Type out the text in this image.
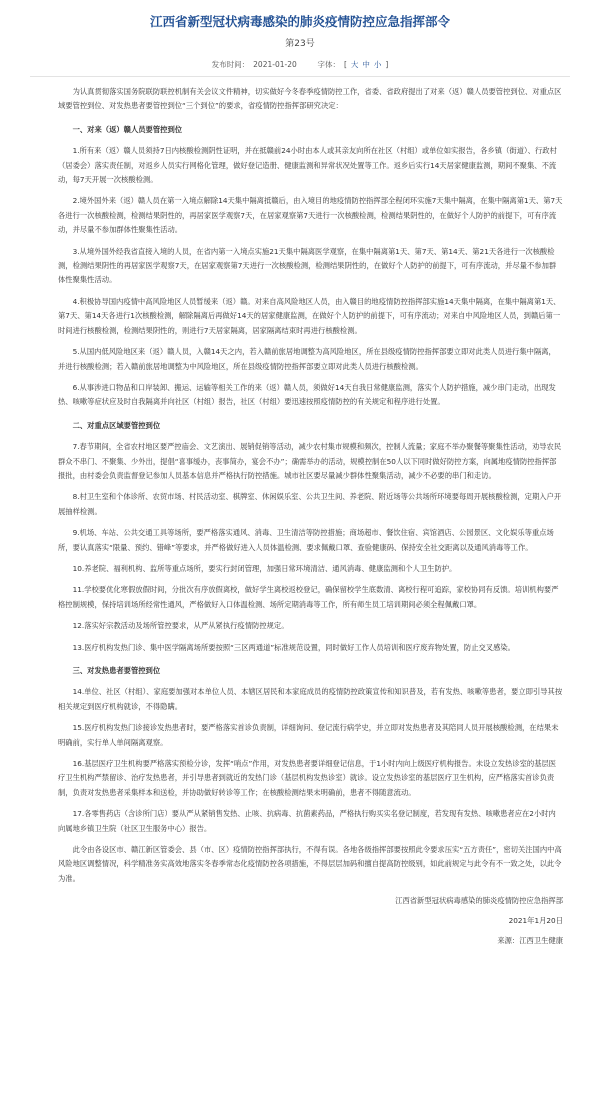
江西省新型冠状病毒感染的肺炎疫情防控应急指挥部令
第23号
发布时间： 2021-01-20	字体： [ 大 中 小 ]

为认真贯彻落实国务院联防联控机制有关会议文件精神，切实做好今冬春季疫情防控工作，省委、省政府提出了对来（返）赣人员要管控到位、对重点区域要管控到位、对发热患者要管控到位“三个到位”的要求，省疫情防控指挥部研究决定：

一、对来（返）赣人员要管控到位

1.所有来（返）赣人员须持7日内核酸检测阴性证明，并在抵赣前24小时由本人或其亲友向所在社区（村组）或单位如实报告，各乡镇（街道）、行政村（居委会）落实责任制，对返乡人员实行网格化管理，做好登记造册、健康监测和异常状况处置等工作。返乡后实行14天居家健康监测，期间不聚集、不流动，每7天开展一次核酸检测。

2.境外国外来（返）赣人员在第一入境点解除14天集中隔离抵赣后，由入境目的地疫情防控指挥部全程闭环实施7天集中隔离，在集中隔离第1天、第7天各进行一次核酸检测，检测结果阴性的，再居家医学观察7天，在居家观察第7天进行一次核酸检测，检测结果阴性的，在做好个人防护的前提下，可有序流动，并尽量不参加群体性聚集性活动。

3.从境外国外经我省直接入境的人员，在省内第一入境点实施21天集中隔离医学观察，在集中隔离第1天、第7天、第14天、第21天各进行一次核酸检测，检测结果阴性的再居家医学观察7天，在居家观察第7天进行一次核酸检测，检测结果阴性的，在做好个人防护的前提下，可有序流动，并尽量不参加群体性聚集性活动。

4.积极协导国内疫情中高风险地区人员暂缓来（返）赣。对来自高风险地区人员，由入赣目的地疫情防控指挥部实施14天集中隔离，在集中隔离第1天、第7天、第14天各进行1次核酸检测，解除隔离后再做好14天的居家健康监测，在做好个人防护的前提下，可有序流动；对来自中风险地区人员，到赣后第一时间进行核酸检测，检测结果阴性的，则进行7天居家隔离，居家隔离结束时再进行核酸检测。

5.从国内低风险地区来（返）赣人员，入赣14天之内，若入赣前旅居地调整为高风险地区，所在县级疫情防控指挥部要立即对此类人员进行集中隔离，并进行核酸检测；若入赣前旅居地调整为中风险地区，所在县级疫情防控指挥部要立即对此类人员进行核酸检测。

6.从事涉进口物品和口岸装卸、搬运、运输等相关工作的来（返）赣人员，须做好14天自我日常健康监测，落实个人防护措施，减少串门走动，出现发热、咳嗽等症状应及时自我隔离并向社区（村组）报告，社区（村组）要迅速按照疫情防控的有关规定和程序进行处置。

二、对重点区域要管控到位

7.春节期间，全省农村地区要严控庙会、文艺演出、展销促销等活动，减少农村集市规模和频次，控制人流量；家庭不举办聚餐等聚集性活动，劝导农民群众不串门、不聚集、少外出，提倡“喜事缓办，丧事简办，宴会不办”；确需举办的活动，规模控制在50人以下同时做好防控方案，向属地疫情防控指挥部报批，由村委会负责监督登记参加人员基本信息并严格执行防控措施。城市社区要尽量减少群体性聚集活动，减少不必要的串门和走访。

8.村卫生室和个体诊所、农贸市场、村民活动室、棋牌室、休闲娱乐室、公共卫生间、养老院、附近场等公共场所环境要每周开展核酸检测，定期入户开展抽样检测。

9.机场、车站、公共交通工具等场所，要严格落实通风、消毒、卫生清洁等防控措施；商场超市、餐饮住宿、宾馆酒店、公园景区、文化娱乐等重点场所，要认真落实“限量、预约、错峰”等要求，并严格做好进入人员体温检测、要求佩戴口罩、查验健康码、保持安全社交距离以及通风消毒等工作。

10.养老院、福利机构、监所等重点场所，要实行封闭管理，加强日常环境清洁、通风消毒、健康监测和个人卫生防护。

11.学校要优化寒假放假时间，分批次有序放假离校，做好学生离校返校登记，确保留校学生底数清、离校行程可追踪，家校协同有反馈。培训机构要严格控制规模，保持培训场所经常性通风，严格做好入口体温检测、场所定期消毒等工作，所有师生员工培训期间必须全程佩戴口罩。

12.落实好宗教活动及场所管控要求，从严从紧执行疫情防控规定。

13.医疗机构发热门诊、集中医学隔离场所要按照“三区两通道”标准规范设置，同时做好工作人员培训和医疗废弃物处置，防止交叉感染。

三、对发热患者要管控到位

14.单位、社区（村组）、家庭要加强对本单位人员、本辖区居民和本家庭成员的疫情防控政策宣传和知识普及，若有发热、咳嗽等患者，要立即引导其按相关规定到医疗机构就诊，不得隐瞒。

15.医疗机构发热门诊接诊发热患者时，要严格落实首诊负责制，详细询问、登记流行病学史，并立即对发热患者及其陪同人员开展核酸检测，在结果未明确前，实行单人单间隔离观察。

16.基层医疗卫生机构要严格落实预检分诊，发挥“哨点”作用，对发热患者要详细登记信息，于1小时内向上级医疗机构报告。未设立发热诊室的基层医疗卫生机构严禁留诊、治疗发热患者，并引导患者到就近的发热门诊（基层机构发热诊室）就诊。设立发热诊室的基层医疗卫生机构，应严格落实首诊负责制，负责对发热患者采集样本和送检，并协助做好转诊等工作；在核酸检测结果未明确前，患者不得随意流动。

17.各零售药店（含诊所门店）要从严从紧销售发热、止咳、抗病毒、抗菌素药品，严格执行购买实名登记制度，若发现有发热、咳嗽患者应在2小时内向属地乡镇卫生院（社区卫生服务中心）报告。

此令由各设区市、赣江新区管委会、县（市、区）疫情防控指挥部执行，不得有误。各地各级指挥部要按照此令要求压实“五方责任”，密切关注国内中高风险地区调整情况，科学精准务实高效地落实冬春季常态化疫情防控各项措施，不得层层加码和擅自提高防控级别，如此前规定与此令有不一致之处，以此令为准。

江西省新型冠状病毒感染的肺炎疫情防控应急指挥部
2021年1月20日
来源：江西卫生健康
